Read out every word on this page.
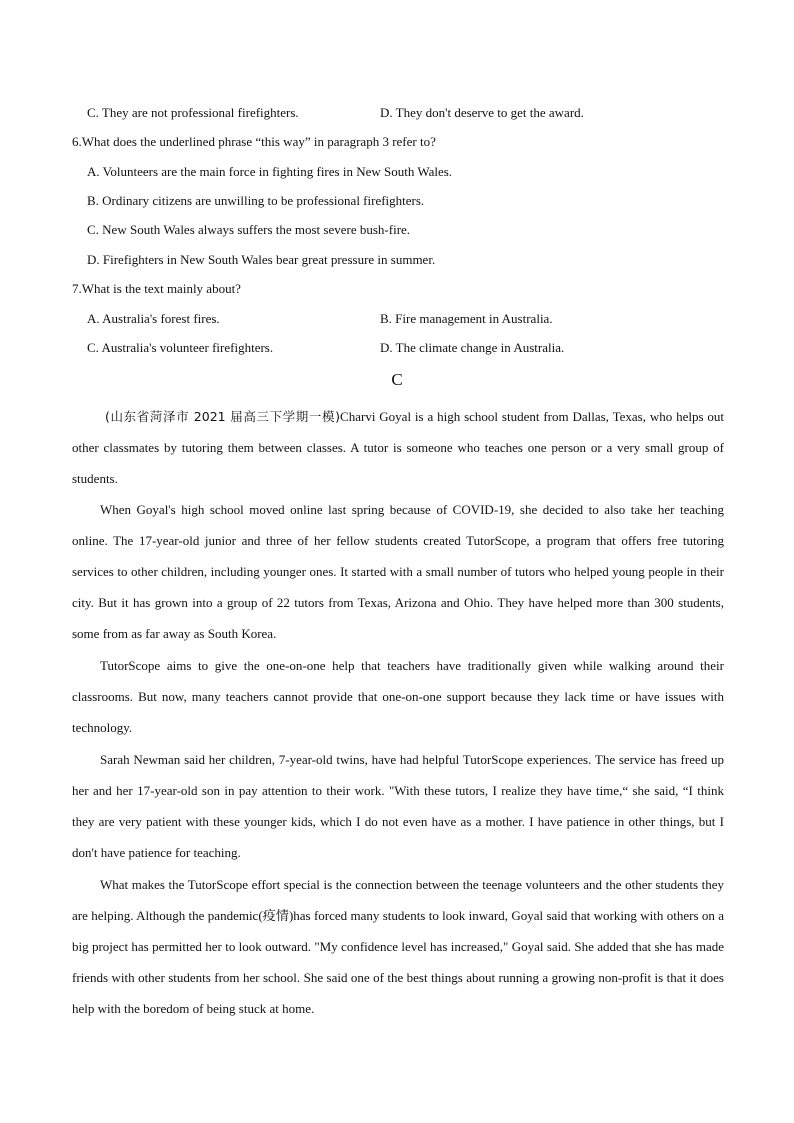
C. They are not professional firefighters.	D. They don't deserve to get the award.
6.What does the underlined phrase “this way” in paragraph 3 refer to?
A. Volunteers are the main force in fighting fires in New South Wales.
B. Ordinary citizens are unwilling to be professional firefighters.
C. New South Wales always suffers the most severe bush-fire.
D. Firefighters in New South Wales bear great pressure in summer.
7.What is the text mainly about?
A. Australia's forest fires.	B. Fire management in Australia.
C. Australia's volunteer firefighters.	D. The climate change in Australia.
C

(山东省菏泽市 2021 届高三下学期一模)Charvi Goyal is a high school student from Dallas, Texas, who helps out other classmates by tutoring them between classes. A tutor is someone who teaches one person or a very small group of students.

When Goyal's high school moved online last spring because of COVID-19, she decided to also take her teaching online. The 17-year-old junior and three of her fellow students created TutorScope, a program that offers free tutoring services to other children, including younger ones. It started with a small number of tutors who helped young people in their city. But it has grown into a group of 22 tutors from Texas, Arizona and Ohio. They have helped more than 300 students, some from as far away as South Korea.

TutorScope aims to give the one-on-one help that teachers have traditionally given while walking around their classrooms. But now, many teachers cannot provide that one-on-one support because they lack time or have issues with technology.

Sarah Newman said her children, 7-year-old twins, have had helpful TutorScope experiences. The service has freed up her and her 17-year-old son in pay attention to their work. "With these tutors, I realize they have time,“ she said, “I think they are very patient with these younger kids, which I do not even have as a mother. I have patience in other things, but I don't have patience for teaching.

What makes the TutorScope effort special is the connection between the teenage volunteers and the other students they are helping. Although the pandemic(疫情)has forced many students to look inward, Goyal said that working with others on a big project has permitted her to look outward. "My confidence level has increased," Goyal said. She added that she has made friends with other students from her school. She said one of the best things about running a growing non-profit is that it does help with the boredom of being stuck at home.
